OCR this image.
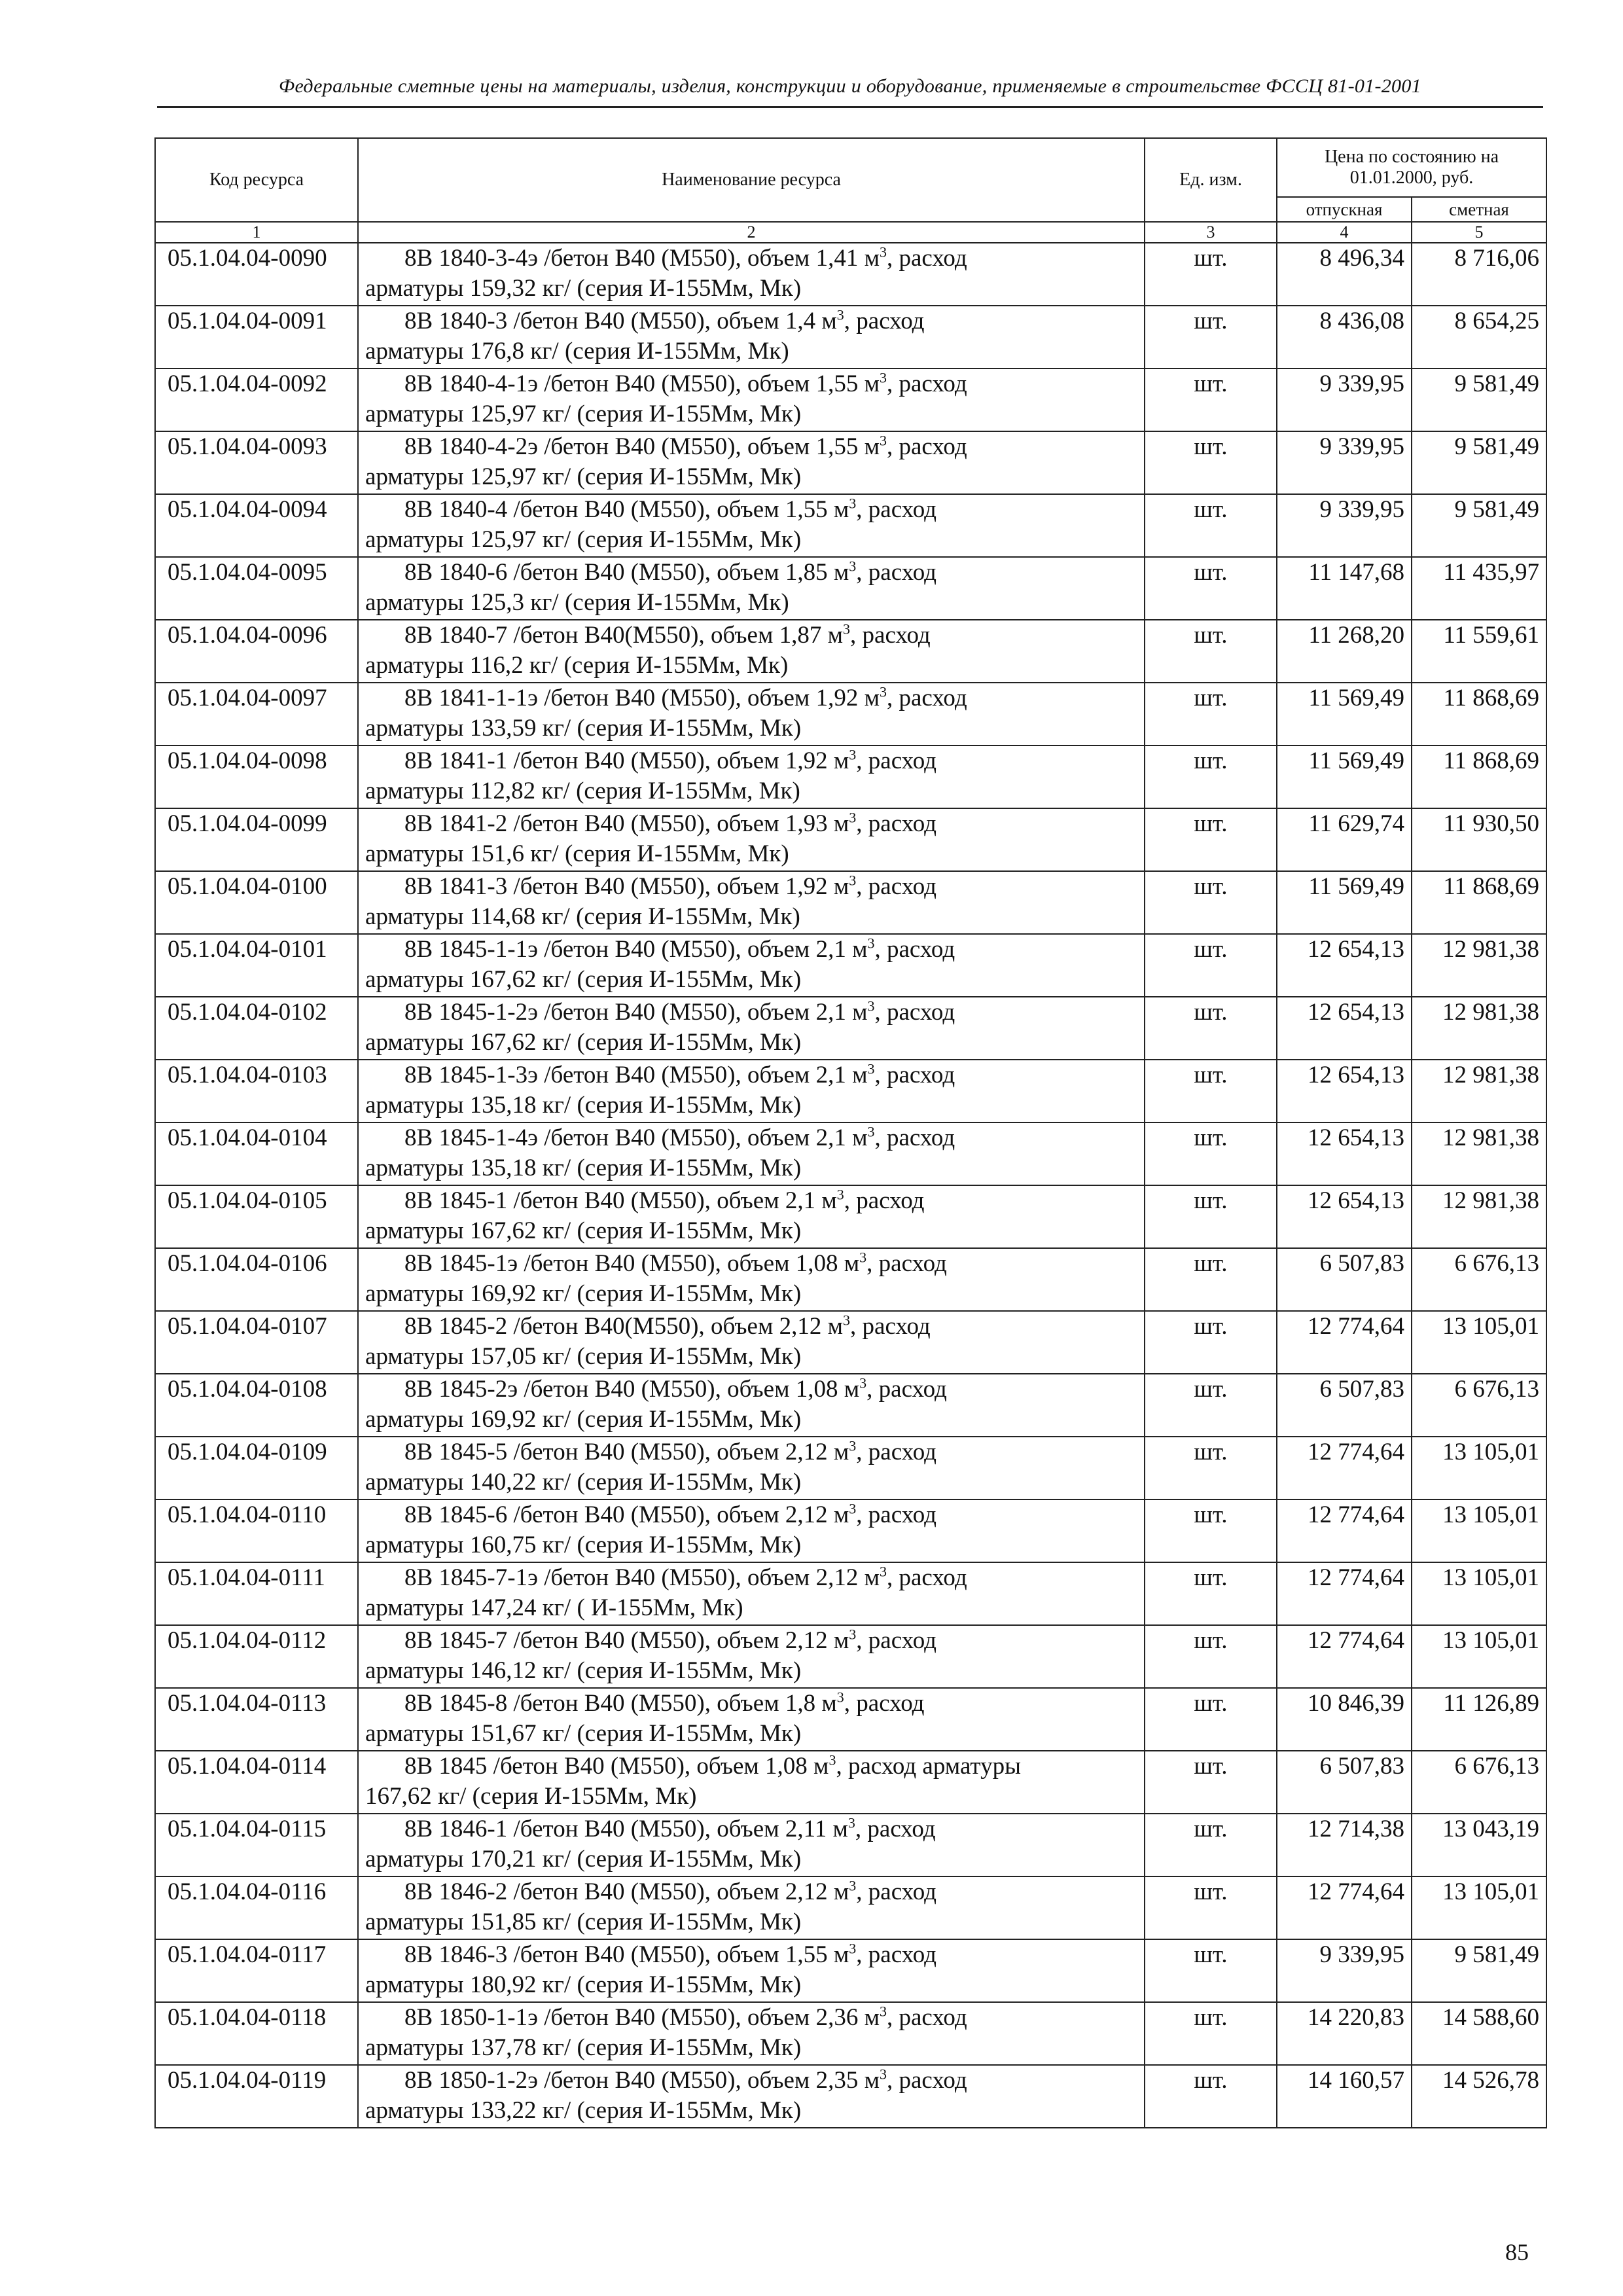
Федеральные сметные цены на материалы, изделия, конструкции и оборудование, применяемые в строительстве ФССЦ 81-01-2001
Код ресурса	Наименование ресурса	Ед. изм.	Цена по состоянию на 01.01.2000, руб.	
			отпускная	сметная
1	2	3	4	5
05.1.04.04-0090	8В 1840-3-4э /бетон В40 (М550), объем 1,41 $м^3$, расход
арматуры 159,32 кг/ (серия И-155Мм, Мк)	шт.	8 496,34	8 716,06
05.1.04.04-0091	8В 1840-3 /бетон В40 (М550), объем 1,4 $м^3$, расход
арматуры 176,8 кг/ (серия И-155Мм, Мк)	шт.	8 436,08	8 654,25
05.1.04.04-0092	8В 1840-4-1э /бетон В40 (М550), объем 1,55 $м^3$, расход
арматуры 125,97 кг/ (серия И-155Мм, Мк)	шт.	9 339,95	9 581,49
05.1.04.04-0093	8В 1840-4-2э /бетон В40 (М550), объем 1,55 $м^3$, расход
арматуры 125,97 кг/ (серия И-155Мм, Мк)	шт.	9 339,95	9 581,49
05.1.04.04-0094	8В 1840-4 /бетон В40 (М550), объем 1,55 $м^3$, расход
арматуры 125,97 кг/ (серия И-155Мм, Мк)	шт.	9 339,95	9 581,49
05.1.04.04-0095	8В 1840-6 /бетон В40 (М550), объем 1,85 $м^3$, расход
арматуры 125,3 кг/ (серия И-155Мм, Мк)	шт.	11 147,68	11 435,97
05.1.04.04-0096	8В 1840-7 /бетон В40(М550), объем 1,87 $м^3$, расход
арматуры 116,2 кг/ (серия И-155Мм, Мк)	шт.	11 268,20	11 559,61
05.1.04.04-0097	8В 1841-1-1э /бетон В40 (М550), объем 1,92 $м^3$, расход
арматуры 133,59 кг/ (серия И-155Мм, Мк)	шт.	11 569,49	11 868,69
05.1.04.04-0098	8В 1841-1 /бетон В40 (М550), объем 1,92 $м^3$, расход
арматуры 112,82 кг/ (серия И-155Мм, Мк)	шт.	11 569,49	11 868,69
05.1.04.04-0099	8В 1841-2 /бетон В40 (М550), объем 1,93 $м^3$, расход
арматуры 151,6 кг/ (серия И-155Мм, Мк)	шт.	11 629,74	11 930,50
05.1.04.04-0100	8В 1841-3 /бетон В40 (М550), объем 1,92 $м^3$, расход
арматуры 114,68 кг/ (серия И-155Мм, Мк)	шт.	11 569,49	11 868,69
05.1.04.04-0101	8В 1845-1-1э /бетон В40 (М550), объем 2,1 $м^3$, расход
арматуры 167,62 кг/ (серия И-155Мм, Мк)	шт.	12 654,13	12 981,38
05.1.04.04-0102	8В 1845-1-2э /бетон В40 (М550), объем 2,1 $м^3$, расход
арматуры 167,62 кг/ (серия И-155Мм, Мк)	шт.	12 654,13	12 981,38
05.1.04.04-0103	8В 1845-1-3э /бетон В40 (М550), объем 2,1 $м^3$, расход
арматуры 135,18 кг/ (серия И-155Мм, Мк)	шт.	12 654,13	12 981,38
05.1.04.04-0104	8В 1845-1-4э /бетон В40 (М550), объем 2,1 $м^3$, расход
арматуры 135,18 кг/ (серия И-155Мм, Мк)	шт.	12 654,13	12 981,38
05.1.04.04-0105	8В 1845-1 /бетон В40 (М550), объем 2,1 $м^3$, расход
арматуры 167,62 кг/ (серия И-155Мм, Мк)	шт.	12 654,13	12 981,38
05.1.04.04-0106	8В 1845-1э /бетон В40 (М550), объем 1,08 $м^3$, расход
арматуры 169,92 кг/ (серия И-155Мм, Мк)	шт.	6 507,83	6 676,13
05.1.04.04-0107	8В 1845-2 /бетон В40(М550), объем 2,12 $м^3$, расход
арматуры 157,05 кг/ (серия И-155Мм, Мк)	шт.	12 774,64	13 105,01
05.1.04.04-0108	8В 1845-2э /бетон В40 (М550), объем 1,08 $м^3$, расход
арматуры 169,92 кг/ (серия И-155Мм, Мк)	шт.	6 507,83	6 676,13
05.1.04.04-0109	8В 1845-5 /бетон В40 (М550), объем 2,12 $м^3$, расход
арматуры 140,22 кг/ (серия И-155Мм, Мк)	шт.	12 774,64	13 105,01
05.1.04.04-0110	8В 1845-6 /бетон В40 (М550), объем 2,12 $м^3$, расход
арматуры 160,75 кг/ (серия И-155Мм, Мк)	шт.	12 774,64	13 105,01
05.1.04.04-0111	8В 1845-7-1э /бетон В40 (М550), объем 2,12 $м^3$, расход
арматуры 147,24 кг/ ( И-155Мм, Мк)	шт.	12 774,64	13 105,01
05.1.04.04-0112	8В 1845-7 /бетон В40 (М550), объем 2,12 $м^3$, расход
арматуры 146,12 кг/ (серия И-155Мм, Мк)	шт.	12 774,64	13 105,01
05.1.04.04-0113	8В 1845-8 /бетон В40 (М550), объем 1,8 $м^3$, расход
арматуры 151,67 кг/ (серия И-155Мм, Мк)	шт.	10 846,39	11 126,89
05.1.04.04-0114	8В 1845 /бетон В40 (М550), объем 1,08 $м^3$, расход арматуры
167,62 кг/ (серия И-155Мм, Мк)	шт.	6 507,83	6 676,13
05.1.04.04-0115	8В 1846-1 /бетон В40 (М550), объем 2,11 $м^3$, расход
арматуры 170,21 кг/ (серия И-155Мм, Мк)	шт.	12 714,38	13 043,19
05.1.04.04-0116	8В 1846-2 /бетон В40 (М550), объем 2,12 $м^3$, расход
арматуры 151,85 кг/ (серия И-155Мм, Мк)	шт.	12 774,64	13 105,01
05.1.04.04-0117	8В 1846-3 /бетон В40 (М550), объем 1,55 $м^3$, расход
арматуры 180,92 кг/ (серия И-155Мм, Мк)	шт.	9 339,95	9 581,49
05.1.04.04-0118	8В 1850-1-1э /бетон В40 (М550), объем 2,36 $м^3$, расход
арматуры 137,78 кг/ (серия И-155Мм, Мк)	шт.	14 220,83	14 588,60
05.1.04.04-0119	8В 1850-1-2э /бетон В40 (М550), объем 2,35 $м^3$, расход
арматуры 133,22 кг/ (серия И-155Мм, Мк)	шт.	14 160,57	14 526,78
85
